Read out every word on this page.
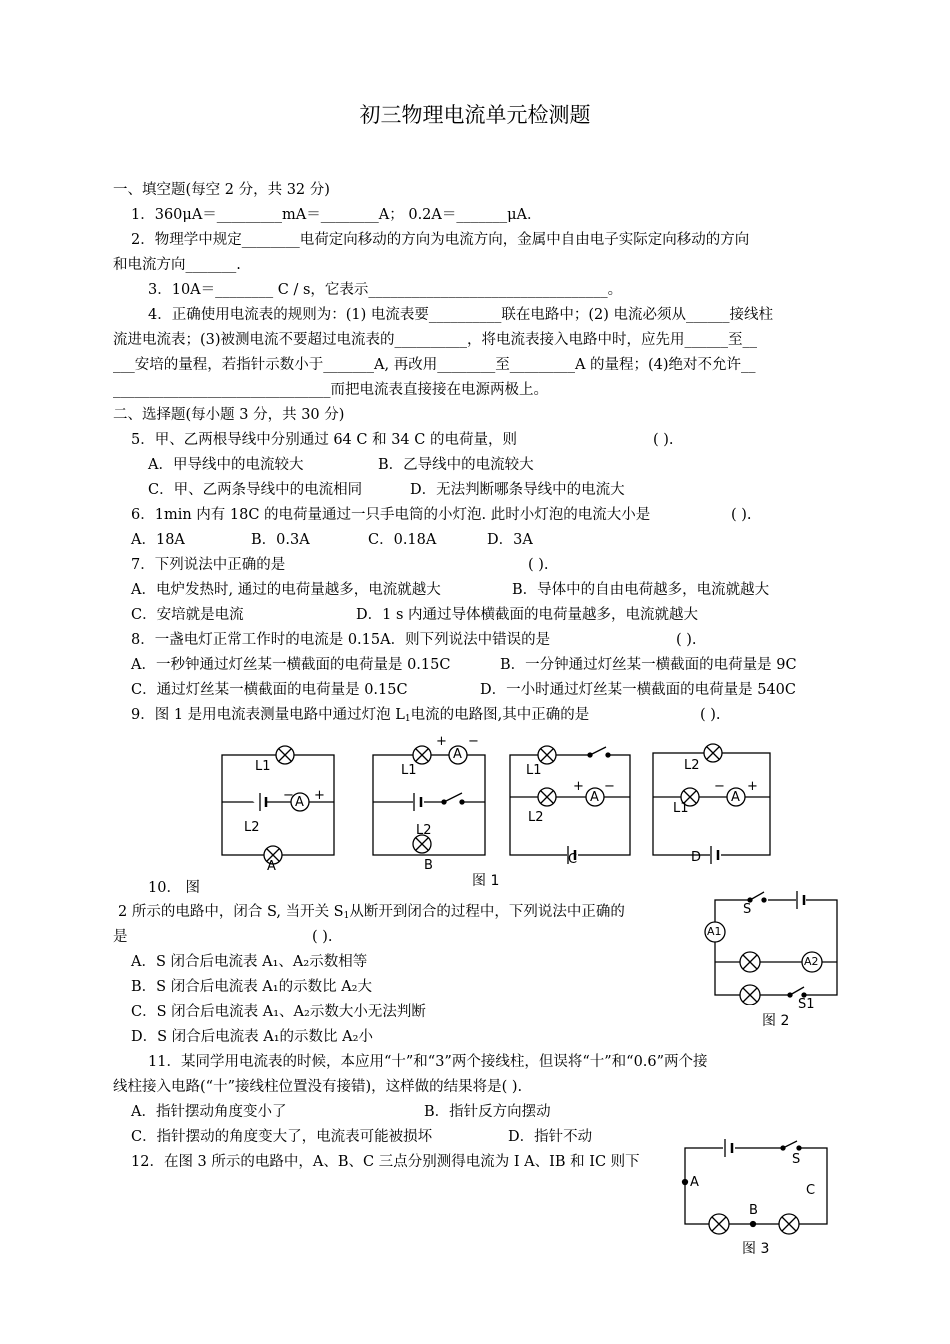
初三物理电流单元检测题
一、填空题(每空 2 分，共 32 分)
1．360μA＝_________mA＝________A； 0.2A＝_______μA．
2．物理学中规定________电荷定向移动的方向为电流方向，金属中自由电子实际定向移动的方向
和电流方向_______.
3．10A＝________ C / s，它表示_________________________________。
4．正确使用电流表的规则为：(1) 电流表要__________联在电路中；(2) 电流必须从______接线柱
流进电流表；(3)被测电流不要超过电流表的__________，将电流表接入电路中时，应先用______至__
___安培的量程，若指针示数小于_______A, 再改用________至_________A 的量程；(4)绝对不允许__
______________________________而把电流表直接接在电源两极上。
二、选择题(每小题 3 分，共 30 分)
5．甲、乙两根导线中分别通过 64 C 和 34 C 的电荷量，则	( ).
A．甲导线中的电流较大	B．乙导线中的电流较大
C．甲、乙两条导线中的电流相同	D．无法判断哪条导线中的电流大
6．1min 内有 18C 的电荷量通过一只手电筒的小灯泡. 此时小灯泡的电流大小是	( ).
A．18A	B．0.3A	C．0.18A	D．3A
7．下列说法中正确的是	( ).
A．电炉发热时, 通过的电荷量越多，电流就越大	B．导体中的自由电荷越多，电流就越大
C．安培就是电流	D．1 s 内通过导体横截面的电荷量越多，电流就越大
8．一盏电灯正常工作时的电流是 0.15A．则下列说法中错误的是	( ).
A．一秒钟通过灯丝某一横截面的电荷量是 0.15C	B．一分钟通过灯丝某一横截面的电荷量是 9C
C．通过灯丝某一横截面的电荷量是 0.15C	D．一小时通过灯丝某一横截面的电荷量是 540C
9．图 1 是用电流表测量电路中通过灯泡 $L_1$电流的电路图,其中正确的是	( ).
L1
L2
A
− +
A
L1
L2
A
+ −
B
L1
L2
A
+ −
C
L2
L1
A
− +
D
图 1
10． 图
2 所示的电路中，闭合 S, 当开关 $S_1$从断开到闭合的过程中，下列说法中正确的
是	( ).
A．S 闭合后电流表 A₁、A₂示数相等
B．S 闭合后电流表 A₁的示数比 A₂大
C．S 闭合后电流表 A₁、A₂示数大小无法判断
D．S 闭合后电流表 A₁的示数比 A₂小
S
A1
A2
S1
图 2
11．某同学用电流表的时候，本应用“十”和“3”两个接线柱，但误将“十”和“0.6”两个接
线柱接入电路(“十”接线柱位置没有接错)，这样做的结果将是( ).
A．指针摆动角度变小了	B．指针反方向摆动
C．指针摆动的角度变大了，电流表可能被损坏	D．指针不动
12．在图 3 所示的电路中，A、B、C 三点分别测得电流为 I A、IB 和 IC 则下	S
A
C
B
图 3
